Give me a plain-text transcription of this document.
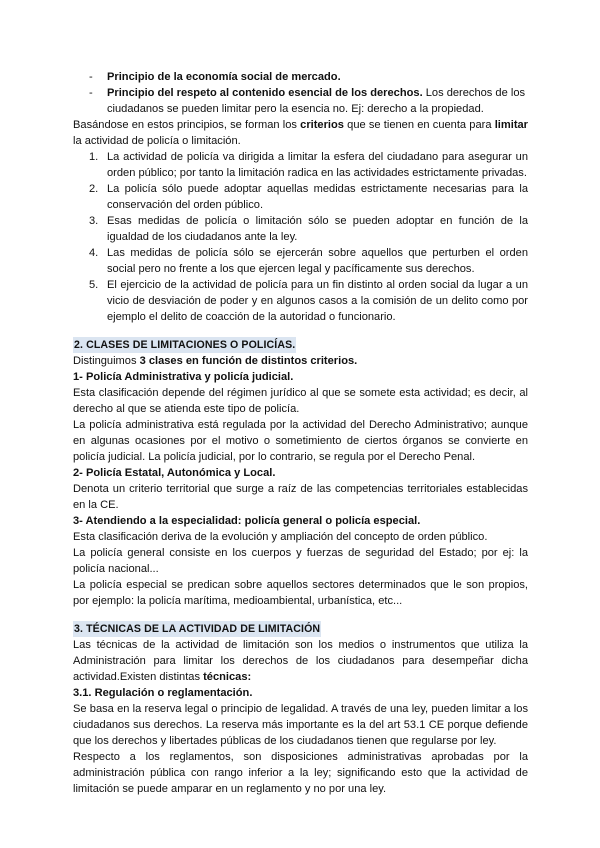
- Principio de la economía social de mercado.
- Principio del respeto al contenido esencial de los derechos. Los derechos de los ciudadanos se pueden limitar pero la esencia no. Ej: derecho a la propiedad.

Basándose en estos principios, se forman los criterios que se tienen en cuenta para limitar la actividad de policía o limitación.

1. La actividad de policía va dirigida a limitar la esfera del ciudadano para asegurar un orden público; por tanto la limitación radica en las actividades estrictamente privadas.
2. La policía sólo puede adoptar aquellas medidas estrictamente necesarias para la conservación del orden público.
3. Esas medidas de policía o limitación sólo se pueden adoptar en función de la igualdad de los ciudadanos ante la ley.
4. Las medidas de policía sólo se ejercerán sobre aquellos que perturben el orden social pero no frente a los que ejercen legal y pacíficamente sus derechos.
5. El ejercicio de la actividad de policía para un fin distinto al orden social da lugar a un vicio de desviación de poder y en algunos casos a la comisión de un delito como por ejemplo el delito de coacción de la autoridad o funcionario.
2. CLASES DE LIMITACIONES O POLICÍAS.

Distinguimos 3 clases en función de distintos criterios.

1- Policía Administrativa y policía judicial.

Esta clasificación depende del régimen jurídico al que se somete esta actividad; es decir, al derecho al que se atienda este tipo de policía.

La policía administrativa está regulada por la actividad del Derecho Administrativo; aunque en algunas ocasiones por el motivo o sometimiento de ciertos órganos se convierte en policía judicial. La policía judicial, por lo contrario, se regula por el Derecho Penal.

2- Policía Estatal, Autonómica y Local.

Denota un criterio territorial que surge a raíz de las competencias territoriales establecidas en la CE.

3- Atendiendo a la especialidad: policía general o policía especial.

Esta clasificación deriva de la evolución y ampliación del concepto de orden público.

La policía general consiste en los cuerpos y fuerzas de seguridad del Estado; por ej: la policía nacional...

La policía especial se predican sobre aquellos sectores determinados que le son propios, por ejemplo: la policía marítima, medioambiental, urbanística, etc...

3. TÉCNICAS DE LA ACTIVIDAD DE LIMITACIÓN

Las técnicas de la actividad de limitación son los medios o instrumentos que utiliza la Administración para limitar los derechos de los ciudadanos para desempeñar dicha actividad.Existen distintas técnicas:

3.1. Regulación o reglamentación.

Se basa en la reserva legal o principio de legalidad. A través de una ley, pueden limitar a los ciudadanos sus derechos. La reserva más importante es la del art 53.1 CE porque defiende que los derechos y libertades públicas de los ciudadanos tienen que regularse por ley.

Respecto a los reglamentos, son disposiciones administrativas aprobadas por la administración pública con rango inferior a la ley; significando esto que la actividad de limitación se puede amparar en un reglamento y no por una ley.
